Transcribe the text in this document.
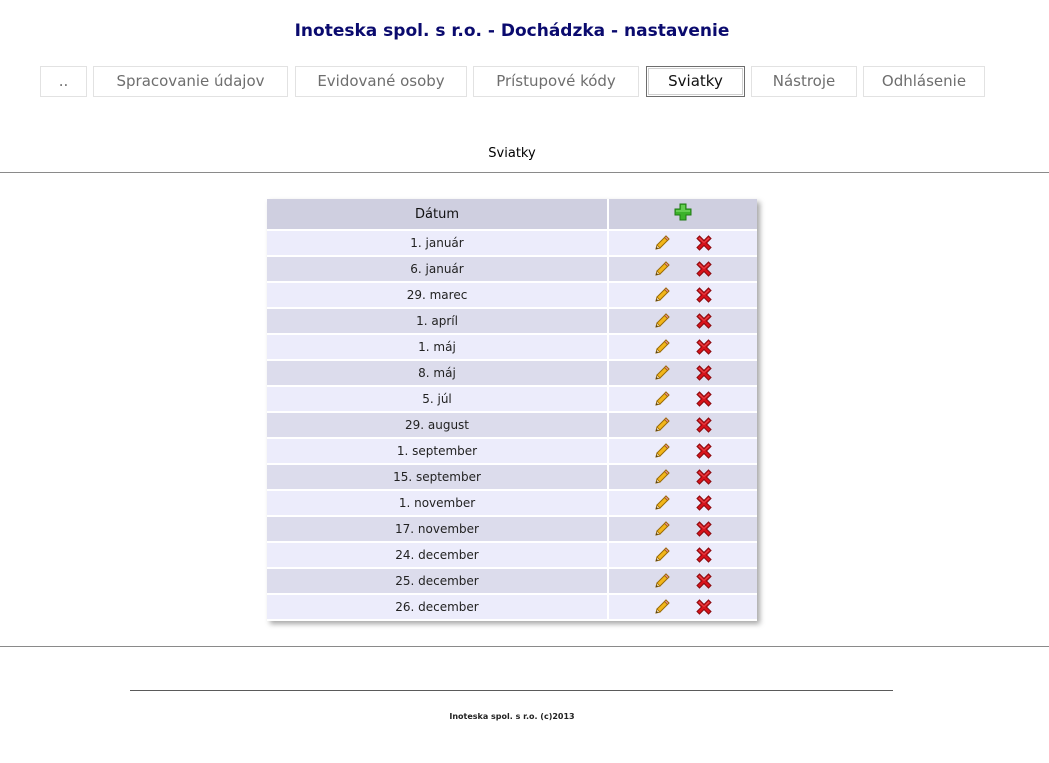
Inoteska spol. s r.o. - Dochádzka - nastavenie
..	Spracovanie údajov	Evidované osoby	Prístupové kódy	Sviatky	Nástroje	Odhlásenie
Sviatky
Dátum	

1. január	

6. január	

29. marec	

1. apríl	

1. máj	

8. máj	

5. júl	

29. august	

1. september	

15. september	

1. november	

17. november	

24. december	

25. december	

26. december	
Inoteska spol. s r.o. (c)2013
